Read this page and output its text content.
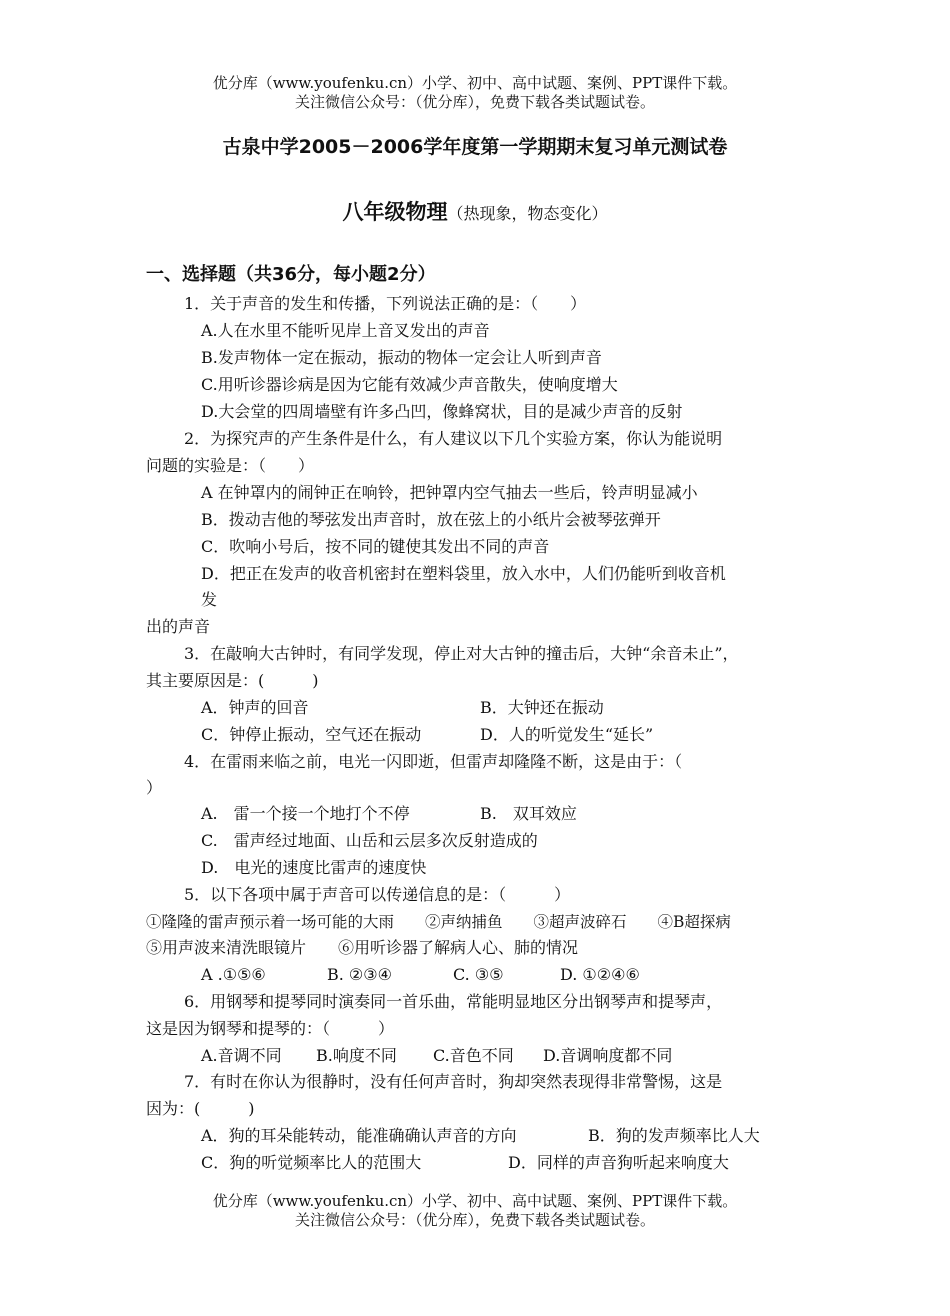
优分库（www.youfenku.cn）小学、初中、高中试题、案例、PPT课件下载。
关注微信公众号：（优分库），免费下载各类试题试卷。
古泉中学2005－2006学年度第一学期期末复习单元测试卷
八年级物理（热现象，物态变化）
一、选择题（共36分，每小题2分）
1．关于声音的发生和传播，下列说法正确的是：（　　）
A.人在水里不能听见岸上音叉发出的声音
B.发声物体一定在振动，振动的物体一定会让人听到声音
C.用听诊器诊病是因为它能有效减少声音散失，使响度增大
D.大会堂的四周墙壁有许多凸凹，像蜂窝状，目的是减少声音的反射
2．为探究声的产生条件是什么，有人建议以下几个实验方案，你认为能说明
问题的实验是：（　　）
A 在钟罩内的闹钟正在响铃，把钟罩内空气抽去一些后，铃声明显减小
B．拨动吉他的琴弦发出声音时，放在弦上的小纸片会被琴弦弹开
C．吹响小号后，按不同的键使其发出不同的声音
D．把正在发声的收音机密封在塑料袋里，放入水中，人们仍能听到收音机
发
出的声音
3．在敲响大古钟时，有同学发现，停止对大古钟的撞击后，大钟“余音未止”，
其主要原因是：(　　　)
A．钟声的回音	B．大钟还在振动
C．钟停止振动，空气还在振动	D．人的听觉发生“延长”
4．在雷雨来临之前，电光一闪即逝，但雷声却隆隆不断，这是由于：（
）
A.　雷一个接一个地打个不停	B.　双耳效应
C.　雷声经过地面、山岳和云层多次反射造成的
D.　电光的速度比雷声的速度快
5．以下各项中属于声音可以传递信息的是：（　　　）
①隆隆的雷声预示着一场可能的大雨　　②声纳捕鱼　　③超声波碎石　　④B超探病
⑤用声波来清洗眼镜片　　⑥用听诊器了解病人心、肺的情况
A .①⑤⑥	B. ②③④	C. ③⑤	D. ①②④⑥
6．用钢琴和提琴同时演奏同一首乐曲，常能明显地区分出钢琴声和提琴声，
这是因为钢琴和提琴的：（　　　）
A.音调不同 B.响度不同 C.音色不同 D.音调响度都不同
7．有时在你认为很静时，没有任何声音时，狗却突然表现得非常警惕，这是
因为：(　　　)
A．狗的耳朵能转动，能准确确认声音的方向	B．狗的发声频率比人大
C．狗的听觉频率比人的范围大	D．同样的声音狗听起来响度大
优分库（www.youfenku.cn）小学、初中、高中试题、案例、PPT课件下载。
关注微信公众号：（优分库），免费下载各类试题试卷。
